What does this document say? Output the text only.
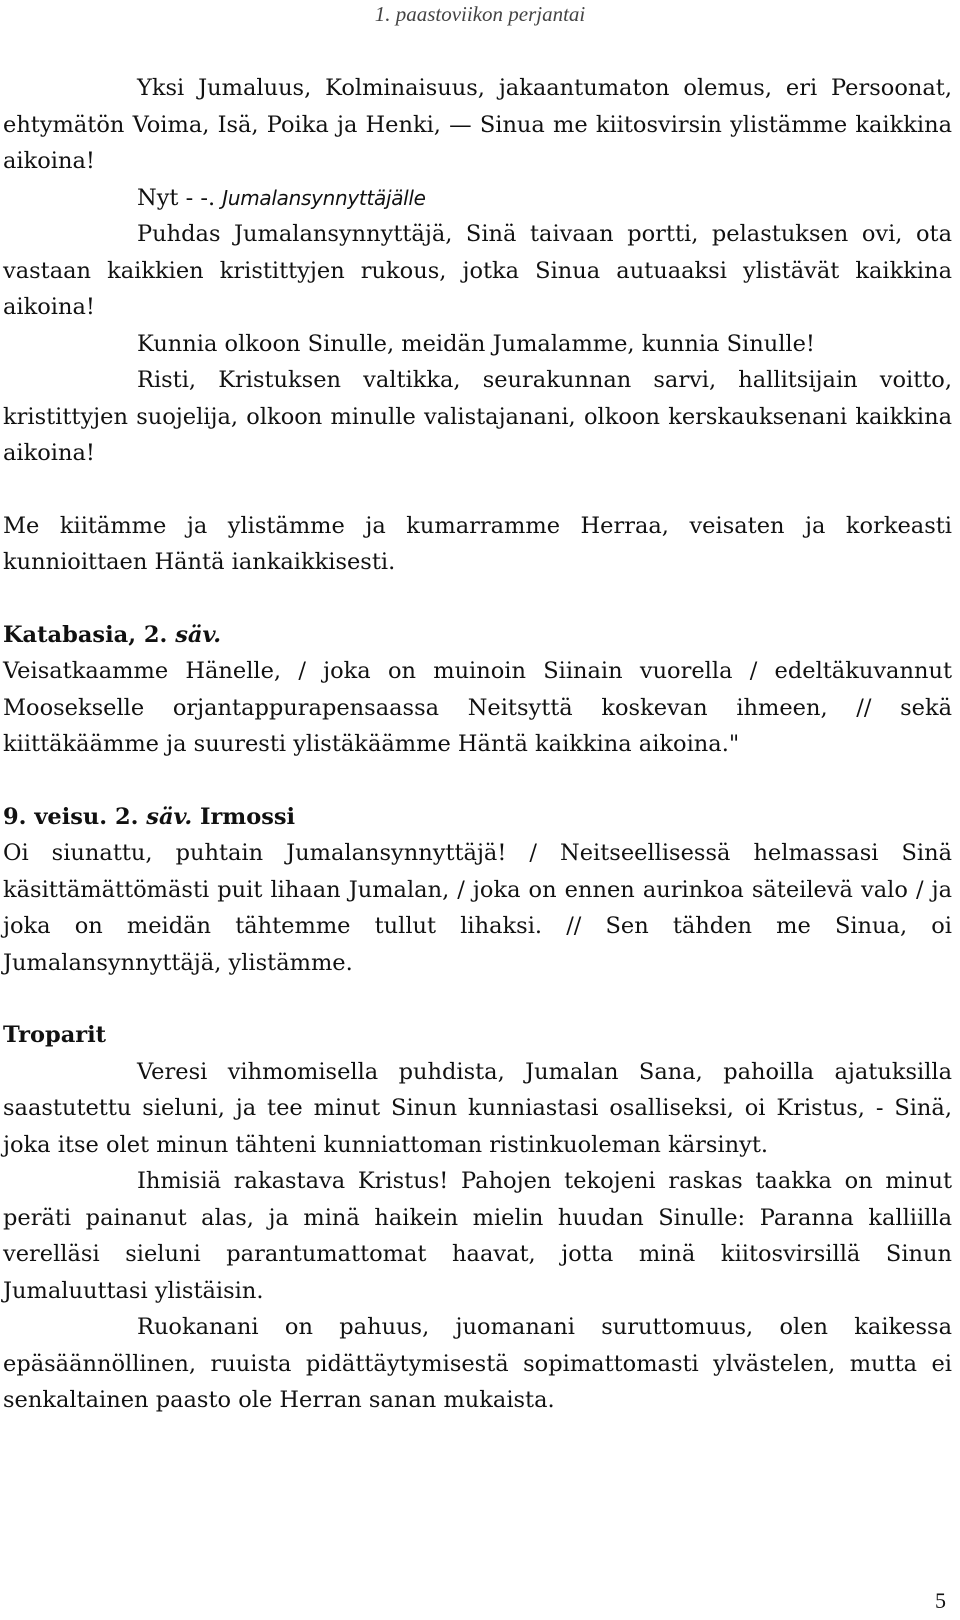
1. paastoviikon perjantai

Yksi Jumaluus, Kolminaisuus, jakaantumaton olemus, eri Persoonat, ehtymätön Voima, Isä, Poika ja Henki, — Sinua me kiitosvirsin ylistämme kaikkina aikoina!

Nyt - -. Jumalansynnyttäjälle

Puhdas Jumalansynnyttäjä, Sinä taivaan portti, pelastuksen ovi, ota vastaan kaikkien kristittyjen rukous, jotka Sinua autuaaksi ylistävät kaikkina aikoina!

Kunnia olkoon Sinulle, meidän Jumalamme, kunnia Sinulle!

Risti, Kristuksen valtikka, seurakunnan sarvi, hallitsijain voitto, kristittyjen suojelija, olkoon minulle valistajanani, olkoon kerskauksenani kaikkina aikoina!

Me kiitämme ja ylistämme ja kumarramme Herraa, veisaten ja korkeasti kunnioittaen Häntä iankaikkisesti.

Katabasia, 2. säv.

Veisatkaamme Hänelle, / joka on muinoin Siinain vuorella / edeltäkuvannut Moosekselle orjantappurapensaassa Neitsyttä koskevan ihmeen, // sekä kiittäkäämme ja suuresti ylistäkäämme Häntä kaikkina aikoina."

9. veisu. 2. säv. Irmossi

Oi siunattu, puhtain Jumalansynnyttäjä! / Neitseellisessä helmassasi Sinä käsittämättömästi puit lihaan Jumalan, / joka on ennen aurinkoa säteilevä valo / ja joka on meidän tähtemme tullut lihaksi. // Sen tähden me Sinua, oi Jumalansynnyttäjä, ylistämme.

Troparit

Veresi vihmomisella puhdista, Jumalan Sana, pahoilla ajatuksilla saastutettu sieluni, ja tee minut Sinun kunniastasi osalliseksi, oi Kristus, - Sinä, joka itse olet minun tähteni kunniattoman ristinkuoleman kärsinyt.

Ihmisiä rakastava Kristus! Pahojen tekojeni raskas taakka on minut peräti painanut alas, ja minä haikein mielin huudan Sinulle: Paranna kalliilla verelläsi sieluni parantumattomat haavat, jotta minä kiitosvirsillä Sinun Jumaluuttasi ylistäisin.

Ruokanani on pahuus, juomanani suruttomuus, olen kaikessa epäsäännöllinen, ruuista pidättäytymisestä sopimattomasti ylvästelen, mutta ei senkaltainen paasto ole Herran sanan mukaista.

5
